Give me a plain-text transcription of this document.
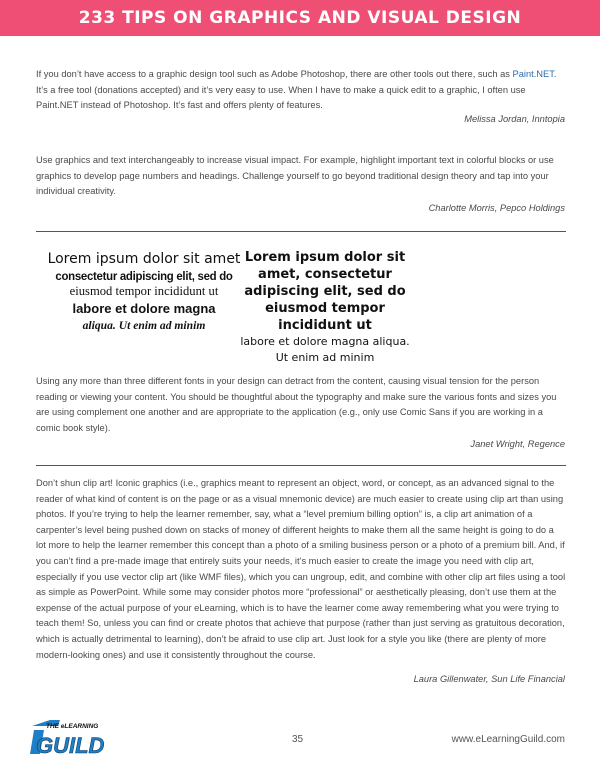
233 TIPS ON GRAPHICS AND VISUAL DESIGN

If you don’t have access to a graphic design tool such as Adobe Photoshop, there are other tools out there, such as Paint.NET. It’s a free tool (donations accepted) and it’s very easy to use. When I have to make a quick edit to a graphic, I often use Paint.NET instead of Photoshop. It’s fast and offers plenty of features.

Melissa Jordan, Inntopia

Use graphics and text interchangeably to increase visual impact. For example, highlight important text in colorful blocks or use graphics to develop page numbers and headings. Challenge yourself to go beyond traditional design theory and tap into your individual creativity.

Charlotte Morris, Pepco Holdings
Lorem ipsum dolor sit amet
consectetur adipiscing elit, sed do
eiusmod tempor incididunt ut
labore et dolore magna
aliqua. Ut enim ad minim
Lorem ipsum dolor sit amet, consectetur adipiscing elit, sed do eiusmod tempor incididunt ut
labore et dolore magna aliqua. Ut enim ad minim

Using any more than three different fonts in your design can detract from the content, causing visual tension for the person reading or viewing your content. You should be thoughtful about the typography and make sure the various fonts and sizes you are using complement one another and are appropriate to the application (e.g., only use Comic Sans if you are working in a comic book style).

Janet Wright, Regence

Don’t shun clip art! Iconic graphics (i.e., graphics meant to represent an object, word, or concept, as an advanced signal to the reader of what kind of content is on the page or as a visual mnemonic device) are much easier to create using clip art than using photos. If you’re trying to help the learner remember, say, what a “level premium billing option” is, a clip art animation of a carpenter’s level being pushed down on stacks of money of different heights to make them all the same height is going to do a lot more to help the learner remember this concept than a photo of a smiling business person or a photo of a premium bill. And, if you can’t find a pre-made image that entirely suits your needs, it’s much easier to create the image you need with clip art, especially if you use vector clip art (like WMF files), which you can ungroup, edit, and combine with other clip art files using a tool as simple as PowerPoint. While some may consider photos more “professional” or aesthetically pleasing, don’t use them at the expense of the actual purpose of your eLearning, which is to have the learner come away remembering what you were trying to teach them! So, unless you can find or create photos that achieve that purpose (rather than just serving as gratuitous decoration, which is actually detrimental to learning), don’t be afraid to use clip art. Just look for a style you like (there are plenty of more modern-looking ones) and use it consistently throughout the course.

Laura Gillenwater, Sun Life Financial
THE eLEARNING
GUILD	35	www.eLearningGuild.com
